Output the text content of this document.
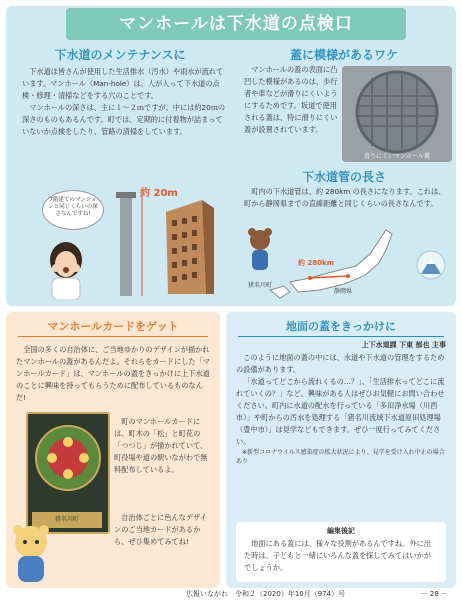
マンホールは下水道の点検口
下水道のメンテナンスに

下水道は皆さんが使用した生活排水（汚水）や雨水が流れています。マンホール（Man-hole）は、人が入って下水道の点検・修理・清掃などをする穴のことです。

マンホールの深さは、主に１～２ｍですが、中には約20ｍの深さのものもあるんです。町では、定期的に付着物が詰まっていないか点検をしたり、管路の清掃をしています。

7階建てのマンションと同じくらいの深さなんですね!
約 20m
蓋に模様があるワケ

マンホールの蓋の表面に凸凹した模様があるのは、歩行者や車などが滑りにくいようにするためです。坂道で使用される蓋は、特に滑りにくい蓋が設置されています。

滑りにくいマンホール蓋
下水道管の長さ

町内の下水道管は、約 280km の長さになります。これは、町から静岡県までの直線距離と同じくらいの長さなんです。

約 280km
猪名川町
静岡県
マンホールカードをゲット

全国の多くの自治体に、ご当地ゆかりのデザインが描かれたマンホールの蓋があるんだよ。それらをカードにした「マンホールカード」は、マンホールの蓋をきっかけに上下水道のことに興味を持ってもらうために配布しているものなんだ!

町のマンホールカードには、町木の「松」と町花の「つつじ」が描かれていて、町役場や道の駅いながわで無料配布しているよ。

自治体ごとに色んなデザインのご当地カードがあるから、ぜひ集めてみてね!

猪名川町
地面の蓋をきっかけに
上下水道課 下東 郁也 主事

このように地面の蓋の中には、水道や下水道の管理をするための設備があります。

「水道ってどこから流れくるの…？」、「生活排水ってどこに流れていくの？」など、興味がある人はぜひお気軽にお問い合わせください。町内に水道の配水を行っている「多田浄水場（川西市）」や町からの汚水を処理する「猪名川流域下水道原田処理場（豊中市）」は見学などもできます。ぜひ一度行ってみてください。

※新型コロナウイルス感染症の拡大状況により、見学を受け入れ中止の場合あり

編集後記

地面にある蓋には、様々な役割があるんですね。外に出た時は、子どもと一緒にいろんな蓋を探してみてはいかがでしょうか。

広報いながわ　令和２（2020）年10月（974）号	－ 28 －
